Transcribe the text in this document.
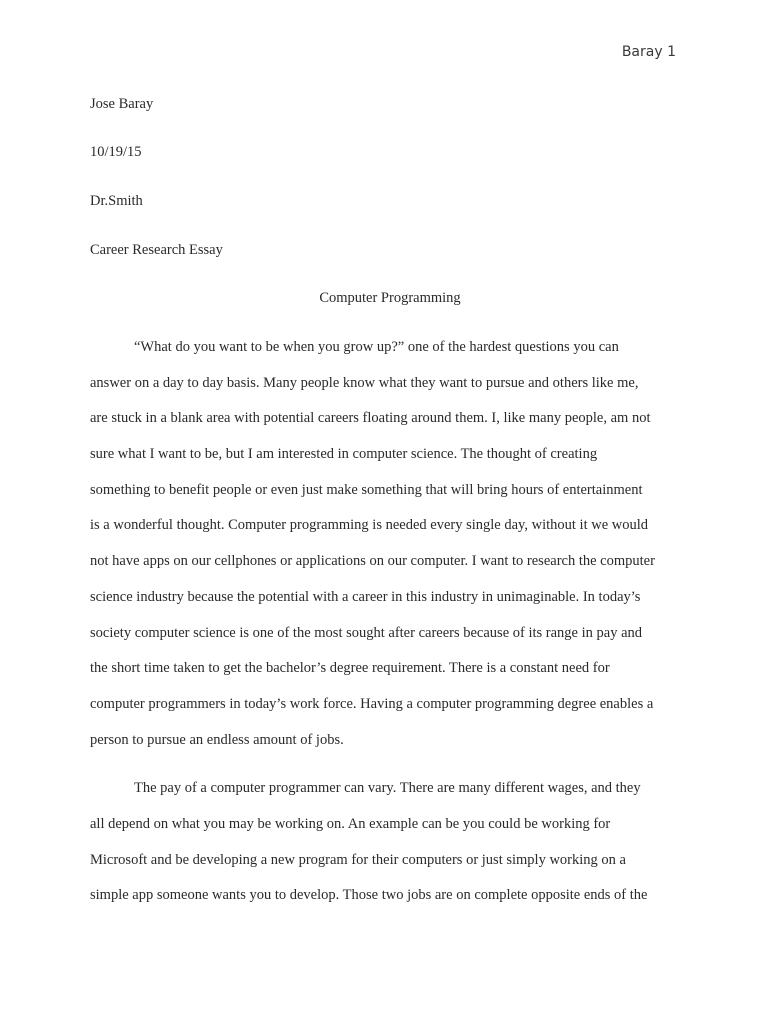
Baray 1
Jose Baray
10/19/15
Dr.Smith
Career Research Essay
Computer Programming
“What do you want to be when you grow up?” one of the hardest questions you can
answer on a day to day basis. Many people know what they want to pursue and others like me,
are stuck in a blank area with potential careers floating around them. I, like many people, am not
sure what I want to be, but I am interested in computer science. The thought of creating
something to benefit people or even just make something that will bring hours of entertainment
is a wonderful thought. Computer programming is needed every single day, without it we would
not have apps on our cellphones or applications on our computer. I want to research the computer
science industry because the potential with a career in this industry in unimaginable. In today’s
society computer science is one of the most sought after careers because of its range in pay and
the short time taken to get the bachelor’s degree requirement. There is a constant need for
computer programmers in today’s work force. Having a computer programming degree enables a
person to pursue an endless amount of jobs.
The pay of a computer programmer can vary. There are many different wages, and they
all depend on what you may be working on. An example can be you could be working for
Microsoft and be developing a new program for their computers or just simply working on a
simple app someone wants you to develop. Those two jobs are on complete opposite ends of the
